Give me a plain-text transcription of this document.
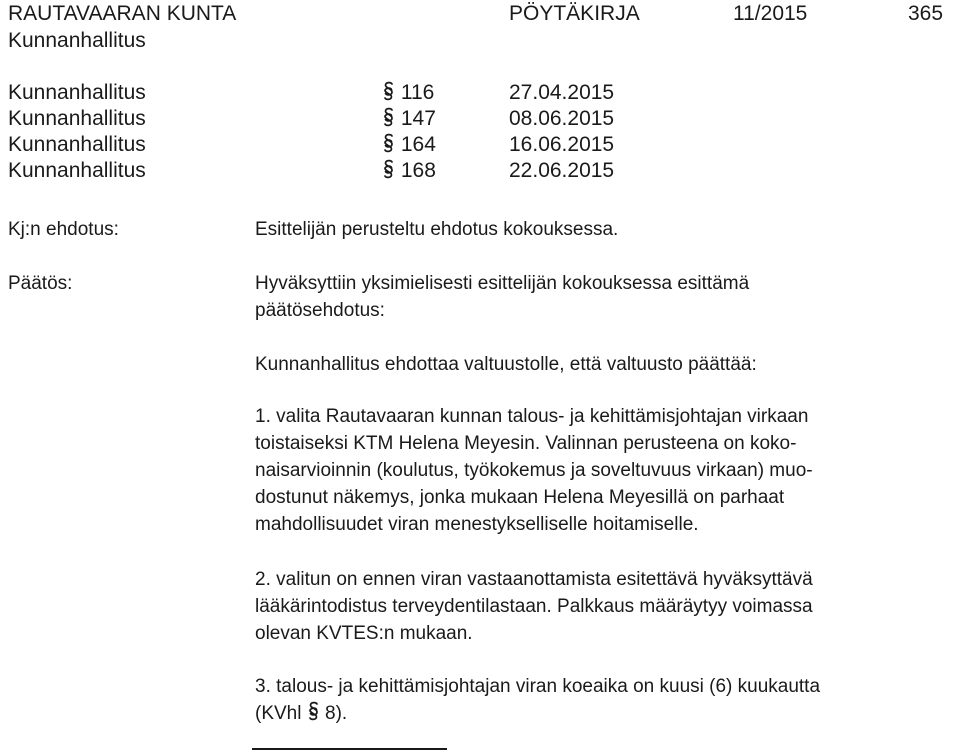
RAUTAVAARAN KUNTA	PÖYTÄKIRJA	11/2015	365
Kunnanhallitus
Kunnanhallitus	116	27.04.2015
Kunnanhallitus	147	08.06.2015
Kunnanhallitus	164	16.06.2015
Kunnanhallitus	168	22.06.2015
Kj:n ehdotus:	Esittelijän perusteltu ehdotus kokouksessa.
Päätös:	Hyväksyttiin yksimielisesti esittelijän kokouksessa esittämä
päätösehdotus:
Kunnanhallitus ehdottaa valtuustolle, että valtuusto päättää:
1. valita Rautavaaran kunnan talous- ja kehittämisjohtajan virkaan
toistaiseksi KTM Helena Meyesin. Valinnan perusteena on koko-
naisarvioinnin (koulutus, työkokemus ja soveltuvuus virkaan) muo-
dostunut näkemys, jonka mukaan Helena Meyesillä on parhaat
mahdollisuudet viran menestykselliselle hoitamiselle.
2. valitun on ennen viran vastaanottamista esitettävä hyväksyttävä
lääkärintodistus terveydentilastaan. Palkkaus määräytyy voimassa
olevan KVTES:n mukaan.
3. talous- ja kehittämisjohtajan viran koeaika on kuusi (6) kuukautta
(KVhl 8).
